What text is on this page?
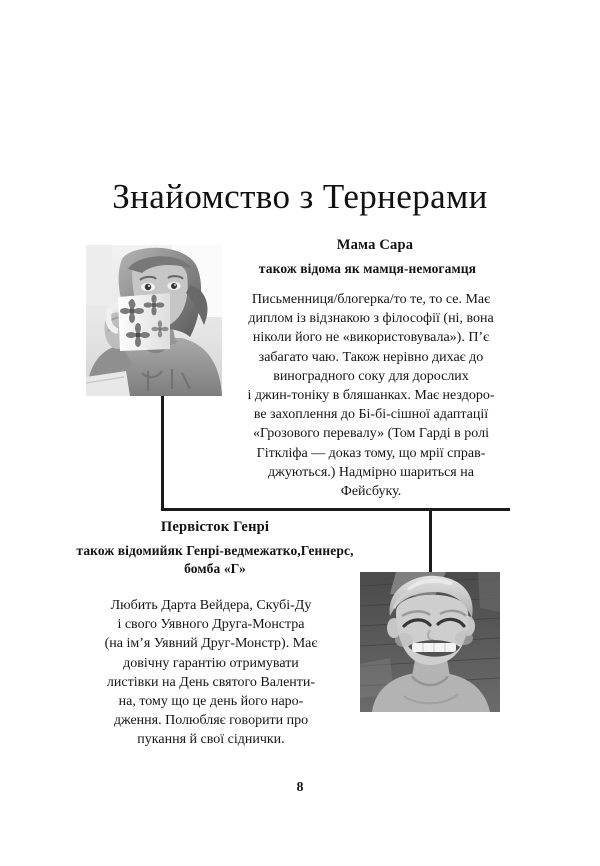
Знайомство з Тернерами
Мама Сара
також відома як мамця-немогамця
Письменниця/блогерка/то те, то се. Має
диплом із відзнакою з філософії (ні, вона
ніколи його не «використовувала»). П’є
забагато чаю. Також нерівно дихає до
виноградного соку для дорослих
і джин-тоніку в бляшанках. Має нездоро-
ве захоплення до Бі-бі-сішної адаптації
«Грозового перевалу» (Том Гарді в ролі
Гіткліфа — доказ тому, що мрії справ-
джуються.) Надмірно шариться на
Фейсбуку.
Первісток Генрі
також відомийяк Генрі-ведмежатко,Геннерс, бомба «Г»
Любить Дарта Вейдера, Скубі-Ду
і свого Уявного Друга-Монстра
(на ім’я Уявний Друг-Монстр). Має
довічну гарантію отримувати
листівки на День святого Валенти-
на, тому що це день його наро-
дження. Полюбляє говорити про
пукання й свої сіднички.
8
